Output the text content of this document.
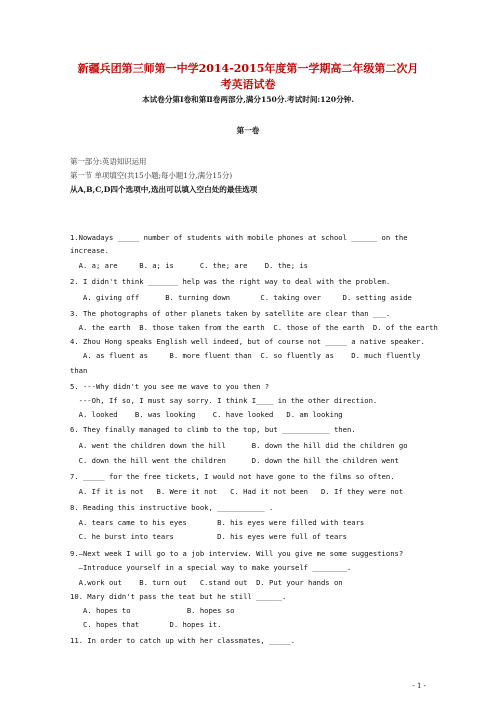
新疆兵团第三师第一中学2014-2015年度第一学期高二年级第二次月
考英语试卷
本试卷分第Ⅰ卷和第Ⅱ卷两部分,满分150分.考试时间:120分钟.
第一卷
第一部分:英语知识运用
第一节 单项填空(共15小题;每小题1分,满分15分)
从A,B,C,D四个选项中,选出可以填入空白处的最佳选项
1.Nowadays _____ number of students with mobile phones at school ______ on the
increase.
A. a; are     B. a; is      C. the; are    D. the; is
2. I didn't think _______ help was the right way to deal with the problem.
A. giving off      B. turning down       C. taking over     D. setting aside
3. The photographs of other planets taken by satellite are clear than ___.
A. the earth  B. those taken from the earth  C. those of the earth  D. of the earth
4. Zhou Hong speaks English well indeed, but of course not _____ a native speaker.
A. as fluent as     B. more fluent than  C. so fluently as    D. much fluently
than
5. ---Why didn't you see me wave to you then ?
---Oh, If so, I must say sorry. I think I____ in the other direction.
A. looked    B. was looking    C. have looked   D. am looking
6. They finally managed to climb to the top, but ___________ then.
A. went the children down the hill      B. down the hill did the children go
C. down the hill went the children      D. down the hill the children went
7. _____ for the free tickets, I would not have gone to the films so often.
A. If it is not   B. Were it not   C. Had it not been   D. If they were not
8. Reading this instructive book, ___________ .
A. tears came to his eyes       B. his eyes were filled with tears
C. he burst into tears          D. his eyes were full of tears
9.—Next week I will go to a job interview. Will you give me some suggestions?
—Introduce yourself in a special way to make yourself ________.
A.work out    B. turn out   C.stand out  D. Put your hands on
10. Mary didn't pass the teat but he still ______.
A. hopes to             B. hopes so
C. hopes that       D. hopes it.
11. In order to catch up with her classmates, _____.
- 1 -
